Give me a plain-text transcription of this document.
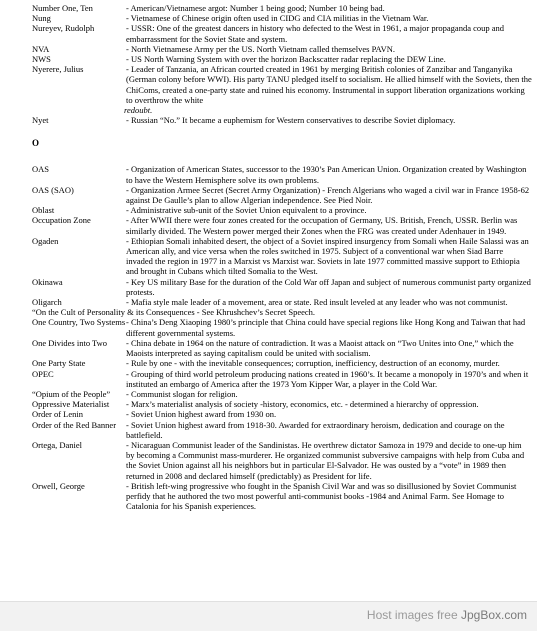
Number One, Ten	- American/Vietnamese argot: Number 1 being good; Number 10 being bad.
Nung	- Vietnamese of Chinese origin often used in CIDG and CIA militias in the Vietnam War.
Nureyev, Rudolph	- USSR: One of the greatest dancers in history who defected to the West in 1961, a major propaganda coup and embarrassment for the Soviet State and system.
NVA	- North Vietnamese Army per the US. North Vietnam called themselves PAVN.
NWS	- US North Warning System with over the horizon Backscatter radar replacing the DEW Line.
Nyerere, Julius	- Leader of Tanzania, an African courted created in 1961 by merging British colonies of Zanzibar and Tanganyika (German colony before WWI). His party TANU pledged itself to socialism. He allied himself with the Soviets, then the ChiComs, created a one-party state and ruined his economy. Instrumental in support liberation organizations working to overthrow the white
redoubt.
Nyet	- Russian “No.” It became a euphemism for Western conservatives to describe Soviet diplomacy.
O
OAS	- Organization of American States, successor to the 1930’s Pan American Union. Organization created by Washington to have the Western Hemisphere solve its own problems.
OAS (SAO)	- Organization Armee Secret (Secret Army Organization) - French Algerians who waged a civil war in France 1958-62 against De Gaulle’s plan to allow Algerian independence. See Pied Noir.
Oblast	- Administrative sub-unit of the Soviet Union equivalent to a province.
Occupation Zone	- After WWII there were four zones created for the occupation of Germany, US. British, French, USSR. Berlin was similarly divided. The Western power merged their Zones when the FRG was created under Adenhauer in 1949.
Ogaden	- Ethiopian Somali inhabited desert, the object of a Soviet inspired insurgency from Somali when Haile Salassi was an American ally, and vice versa when the roles switched in 1975. Subject of a conventional war when Siad Barre invaded the region in 1977 in a Marxist vs Marxist war. Soviets in late 1977 committed massive support to Ethiopia and brought in Cubans which tilted Somalia to the West.
Okinawa	- Key US military Base for the duration of the Cold War off Japan and subject of numerous communist party organized protests.
Oligarch	- Mafia style male leader of a movement, area or state. Red insult leveled at any leader who was not communist.
“On the Cult of Personality & its Consequences - See Khrushchev’s Secret Speech.
One Country, Two Systems - China’s Deng Xiaoping 1980’s principle that China could have special regions like Hong Kong and Taiwan that had different governmental systems.
One Divides into Two	- China debate in 1964 on the nature of contradiction. It was a Maoist attack on “Two Unites into One,” which the Maoists interpreted as saying capitalism could be united with socialism.
One Party State	- Rule by one - with the inevitable consequences; corruption, inefficiency, destruction of an economy, murder.
OPEC	- Grouping of third world petroleum producing nations created in 1960’s. It became a monopoly in 1970’s and when it instituted an embargo of America after the 1973 Yom Kipper War, a player in the Cold War.
“Opium of the People”	- Communist slogan for religion.
Oppressive Materialist	- Marx’s materialist analysis of society -history, economics, etc. - determined a hierarchy of oppression.
Order of Lenin	- Soviet Union highest award from 1930 on.
Order of the Red Banner	- Soviet Union highest award from 1918-30. Awarded for extraordinary heroism, dedication and courage on the battlefield.
Ortega, Daniel	- Nicaraguan Communist leader of the Sandinistas. He overthrew dictator Samoza in 1979 and decide to one-up him by becoming a Communist mass-murderer. He organized communist subversive campaigns with help from Cuba and the Soviet Union against all his neighbors but in particular El-Salvador. He was ousted by a “vote” in 1989 then returned in 2008 and declared himself (predictably) as President for life.
Orwell, George	- British left-wing progressive who fought in the Spanish Civil War and was so disillusioned by Soviet Communist perfidy that he authored the two most powerful anti-communist books -1984 and Animal Farm. See Homage to Catalonia for his Spanish experiences.
Host images free JpgBox.com
